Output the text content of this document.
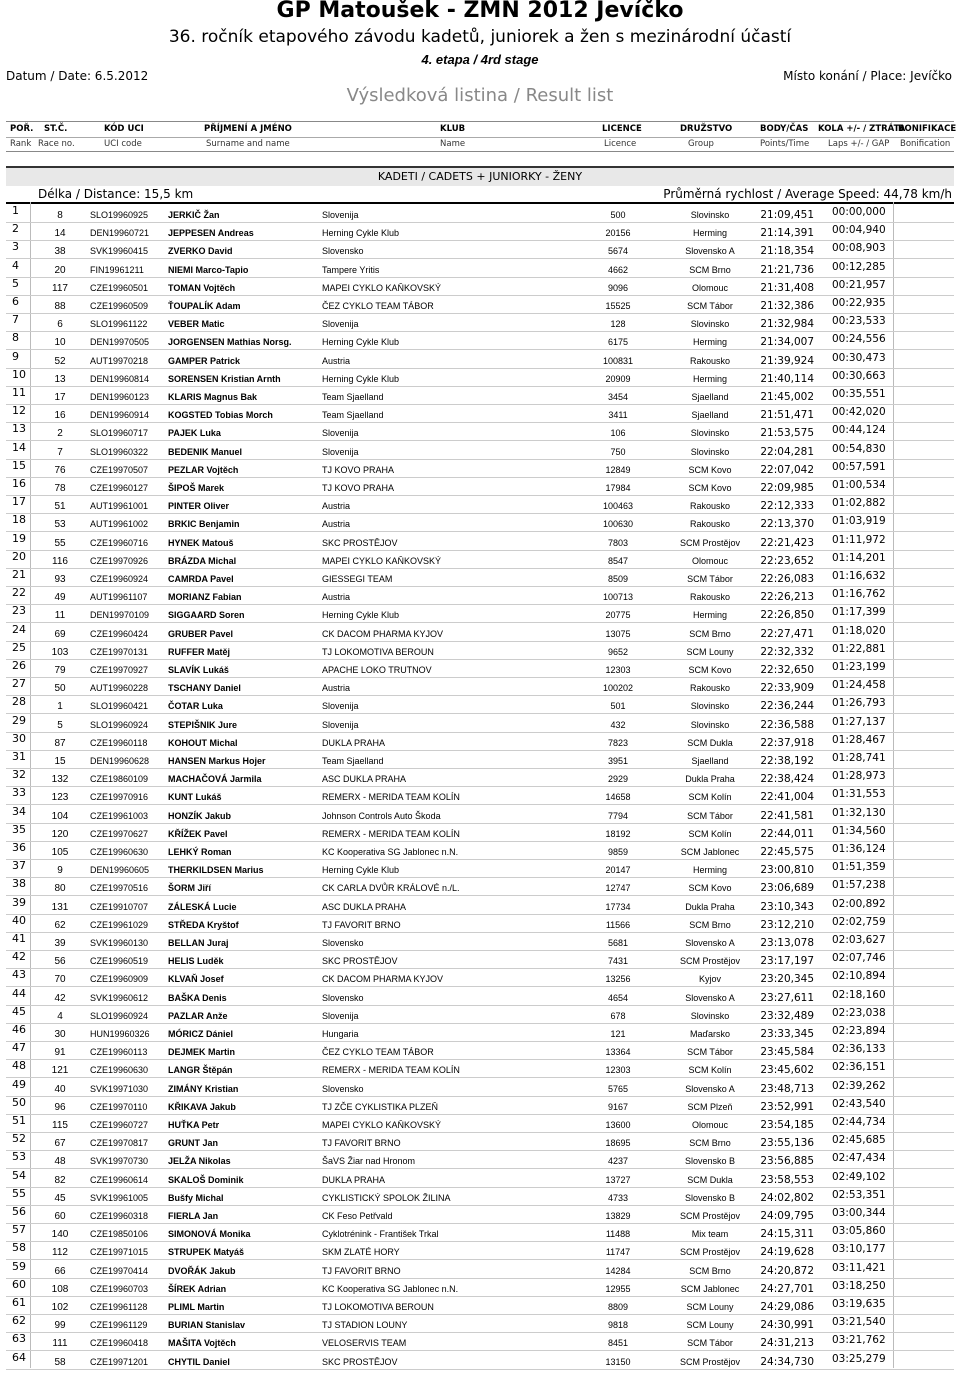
GP Matoušek - ZMN 2012 Jevíčko
36. ročník etapového závodu kadetů, juniorek a žen s mezinárodní účastí
4. etapa / 4rd stage
Datum / Date: 6.5.2012	Místo konání / Place: Jevíčko
Výsledková listina / Result list
POŘ. ST.Č.	KÓD UCI	PŘÍJMENÍ A JMÉNO	KLUB	LICENCE	DRUŽSTVO	BODY/ČAS KOLA +/- / ZTRÁTA
BONIFIKACE
Rank Race no.	UCI code	Surname and name	Name	Licence	Group	Points/Time Laps +/- / GAP Bonification
KADETI / CADETS + JUNIORKY - ŽENY
Délka / Distance: 15,5 km	Průměrná rychlost / Average Speed: 44,78 km/h
1	8	SLO19960925 JERKIČ Žan	Slovenija	500	Slovinsko	21:09,451 00:00,000
2	14	DEN19960721 JEPPESEN Andreas	Herning Cykle Klub	20156	Herming	21:14,391 00:04,940
3	38	SVK19960415 ZVERKO David	Slovensko	5674	Slovensko A	21:18,354 00:08,903
4	20	FIN19961211	NIEMI Marco-Tapio	Tampere Yritis	4662	SCM Brno	21:21,736 00:12,285
5	117 CZE19960501 TOMAN Vojtěch	MAPEI CYKLO KAŇKOVSKÝ	9096	Olomouc	21:31,408 00:21,957
6	88	CZE19960509 ŤOUPALÍK Adam	ČEZ CYKLO TEAM TÁBOR	15525	SCM Tábor	21:32,386 00:22,935
7	6	SLO19961122 VEBER Matic	Slovenija	128	Slovinsko	21:32,984 00:23,533
8	10	DEN19970505 JORGENSEN Mathias Norsg.	Herning Cykle Klub	6175	Herming	21:34,007 00:24,556
9	52	AUT19970218 GAMPER Patrick	Austria	100831	Rakousko	21:39,924 00:30,473
10	13	DEN19960814 SORENSEN Kristian Arnth	Herning Cykle Klub	20909	Herming	21:40,114 00:30,663
11	17	DEN19960123 KLARIS Magnus Bak	Team Sjaelland	3454	Sjaelland	21:45,002 00:35,551
12	16	DEN19960914 KOGSTED Tobias Morch	Team Sjaelland	3411	Sjaelland	21:51,471 00:42,020
13	2	SLO19960717 PAJEK Luka	Slovenija	106	Slovinsko	21:53,575 00:44,124
14	7	SLO19960322 BEDENIK Manuel	Slovenija	750	Slovinsko	22:04,281 00:54,830
15	76	CZE19970507 PEZLAR Vojtěch	TJ KOVO PRAHA	12849	SCM Kovo	22:07,042 00:57,591
16	78	CZE19960127 ŠIPOŠ Marek	TJ KOVO PRAHA	17984	SCM Kovo	22:09,985 01:00,534
17	51	AUT19961001 PINTER Oliver	Austria	100463	Rakousko	22:12,333 01:02,882
18	53	AUT19961002 BRKIC Benjamin	Austria	100630	Rakousko	22:13,370 01:03,919
19	55	CZE19960716 HYNEK Matouš	SKC PROSTĚJOV	7803	SCM Prostějov	22:21,423 01:11,972
20	116 CZE19970926 BRÁZDA Michal	MAPEI CYKLO KAŇKOVSKÝ	8547	Olomouc	22:23,652 01:14,201
21	93	CZE19960924 CAMRDA Pavel	GIESSEGI TEAM	8509	SCM Tábor	22:26,083 01:16,632
22	49	AUT19961107 MORIANZ Fabian	Austria	100713	Rakousko	22:26,213 01:16,762
23	11	DEN19970109 SIGGAARD Soren	Herning Cykle Klub	20775	Herming	22:26,850 01:17,399
24	69	CZE19960424 GRUBER Pavel	CK DACOM PHARMA KYJOV	13075	SCM Brno	22:27,471 01:18,020
25	103 CZE19970131 RUFFER Matěj	TJ LOKOMOTIVA BEROUN	9652	SCM Louny	22:32,332 01:22,881
26	79	CZE19970927 SLAVÍK Lukáš	APACHE LOKO TRUTNOV	12303	SCM Kovo	22:32,650 01:23,199
27	50	AUT19960228 TSCHANY Daniel	Austria	100202	Rakousko	22:33,909 01:24,458
28	1	SLO19960421 ČOTAR Luka	Slovenija	501	Slovinsko	22:36,244 01:26,793
29	5	SLO19960924 STEPIŠNIK Jure	Slovenija	432	Slovinsko	22:36,588 01:27,137
30	87	CZE19960118 KOHOUT Michal	DUKLA PRAHA	7823	SCM Dukla	22:37,918 01:28,467
31	15	DEN19960628 HANSEN Markus Hojer	Team Sjaelland	3951	Sjaelland	22:38,192 01:28,741
32	132 CZE19860109 MACHAČOVÁ Jarmila	ASC DUKLA PRAHA	2929	Dukla Praha	22:38,424 01:28,973
33	123 CZE19970916 KUNT Lukáš	REMERX - MERIDA TEAM KOLÍN	14658	SCM Kolín	22:41,004 01:31,553
34	104 CZE19961003 HONZÍK Jakub	Johnson Controls Auto Škoda	7794	SCM Tábor	22:41,581 01:32,130
35	120 CZE19970627 KŘÍŽEK Pavel	REMERX - MERIDA TEAM KOLÍN	18192	SCM Kolín	22:44,011 01:34,560
36	105 CZE19960630 LEHKÝ Roman	KC Kooperativa SG Jablonec n.N.	9859	SCM Jablonec	22:45,575 01:36,124
37	9	DEN19960605 THERKILDSEN Marius	Herning Cykle Klub	20147	Herming	23:00,810 01:51,359
38	80	CZE19970516 ŠORM Jiří	CK CARLA DVŮR KRÁLOVÉ n./L.	12747	SCM Kovo	23:06,689 01:57,238
39	131 CZE19910707 ZÁLESKÁ Lucie	ASC DUKLA PRAHA	17734	Dukla Praha	23:10,343 02:00,892
40	62	CZE19961029 STŘEDA Kryštof	TJ FAVORIT BRNO	11566	SCM Brno	23:12,210 02:02,759
41	39	SVK19960130 BELLAN Juraj	Slovensko	5681	Slovensko A	23:13,078 02:03,627
42	56	CZE19960519 HELIS Luděk	SKC PROSTĚJOV	7431	SCM Prostějov	23:17,197 02:07,746
43	70	CZE19960909 KLVAŇ Josef	CK DACOM PHARMA KYJOV	13256	Kyjov	23:20,345 02:10,894
44	42	SVK19960612 BAŠKA Denis	Slovensko	4654	Slovensko A	23:27,611 02:18,160
45	4	SLO19960924 PAZLAR Anže	Slovenija	678	Slovinsko	23:32,489 02:23,038
46	30	HUN19960326 MÓRICZ Dániel	Hungaria	121	Maďarsko	23:33,345 02:23,894
47	91	CZE19960113 DEJMEK Martin	ČEZ CYKLO TEAM TÁBOR	13364	SCM Tábor	23:45,584 02:36,133
48	121 CZE19960630 LANGR Štěpán	REMERX - MERIDA TEAM KOLÍN	12303	SCM Kolín	23:45,602 02:36,151
49	40	SVK19971030 ZIMÁNY Kristian	Slovensko	5765	Slovensko A	23:48,713 02:39,262
50	96	CZE19970110 KŘIKAVA Jakub	TJ ZČE CYKLISTIKA PLZEŇ	9167	SCM Plzeň	23:52,991 02:43,540
51	115 CZE19960727 HUŤKA Petr	MAPEI CYKLO KAŇKOVSKÝ	13600	Olomouc	23:54,185 02:44,734
52	67	CZE19970817 GRUNT Jan	TJ FAVORIT BRNO	18695	SCM Brno	23:55,136 02:45,685
53	48	SVK19970730 JELŽA Nikolas	ŠaVS Žiar nad Hronom	4237	Slovensko B	23:56,885 02:47,434
54	82	CZE19960614 SKALOŠ Dominik	DUKLA PRAHA	13727	SCM Dukla	23:58,553 02:49,102
55	45	SVK19961005 Bušfy Michal	CYKLISTICKÝ SPOLOK ŽILINA	4733	Slovensko B	24:02,802 02:53,351
56	60	CZE19960318 FIERLA Jan	CK Feso Petřvald	13829	SCM Prostějov	24:09,795 03:00,344
57	140 CZE19850106 SIMONOVÁ Monika	Cyklotrénink - František Trkal	11488	Mix team	24:15,311 03:05,860
58	112 CZE19971015 STRUPEK Matyáš	SKM ZLATÉ HORY	11747	SCM Prostějov	24:19,628 03:10,177
59	66	CZE19970414 DVOŘÁK Jakub	TJ FAVORIT BRNO	14284	SCM Brno	24:20,872 03:11,421
60	108 CZE19960703 ŠÍREK Adrian	KC Kooperativa SG Jablonec n.N.	12955	SCM Jablonec	24:27,701 03:18,250
61	102 CZE19961128 PLIML Martin	TJ LOKOMOTIVA BEROUN	8809	SCM Louny	24:29,086 03:19,635
62	99	CZE19961129 BURIAN Stanislav	TJ STADION LOUNY	9818	SCM Louny	24:30,991 03:21,540
63	111 CZE19960418 MAŠITA Vojtěch	VELOSERVIS TEAM	8451	SCM Tábor	24:31,213 03:21,762
64	58	CZE19971201 CHYTIL Daniel	SKC PROSTĚJOV	13150	SCM Prostějov	24:34,730 03:25,279
